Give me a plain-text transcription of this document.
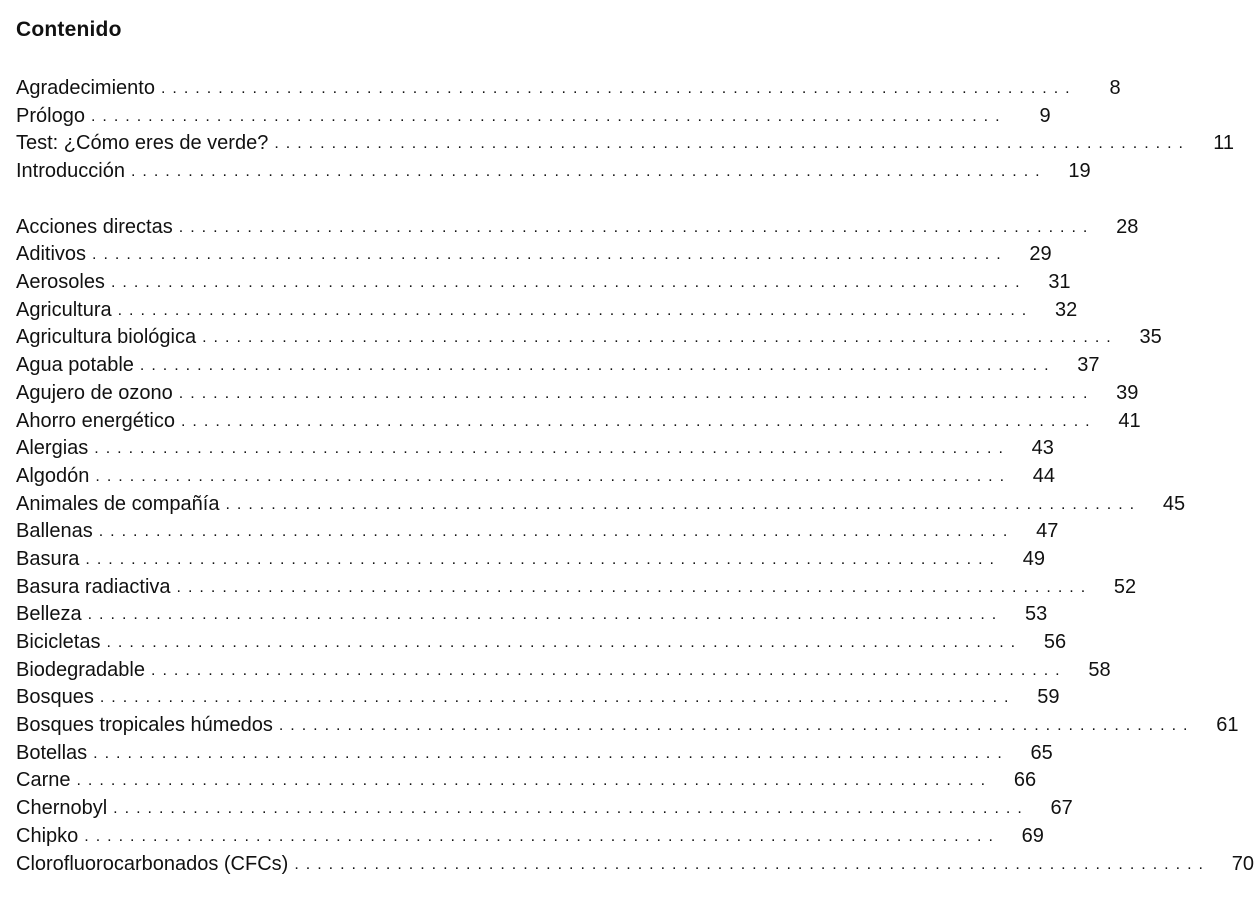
Contenido
Agradecimiento ................................................................................	8
Prólogo ................................................................................	9
Test: ¿Cómo eres de verde? ................................................................................	11
Introducción ................................................................................	19
Acciones directas ................................................................................	28
Aditivos ................................................................................	29
Aerosoles ................................................................................	31
Agricultura ................................................................................	32
Agricultura biológica ................................................................................	35
Agua potable ................................................................................	37
Agujero de ozono ................................................................................	39
Ahorro energético ................................................................................	41
Alergias ................................................................................	43
Algodón ................................................................................	44
Animales de compañía ................................................................................	45
Ballenas ................................................................................	47
Basura ................................................................................	49
Basura radiactiva ................................................................................	52
Belleza ................................................................................	53
Bicicletas ................................................................................	56
Biodegradable ................................................................................	58
Bosques ................................................................................	59
Bosques tropicales húmedos ................................................................................	61
Botellas ................................................................................	65
Carne ................................................................................	66
Chernobyl ................................................................................	67
Chipko ................................................................................	69
Clorofluorocarbonados (CFCs) ................................................................................	70
